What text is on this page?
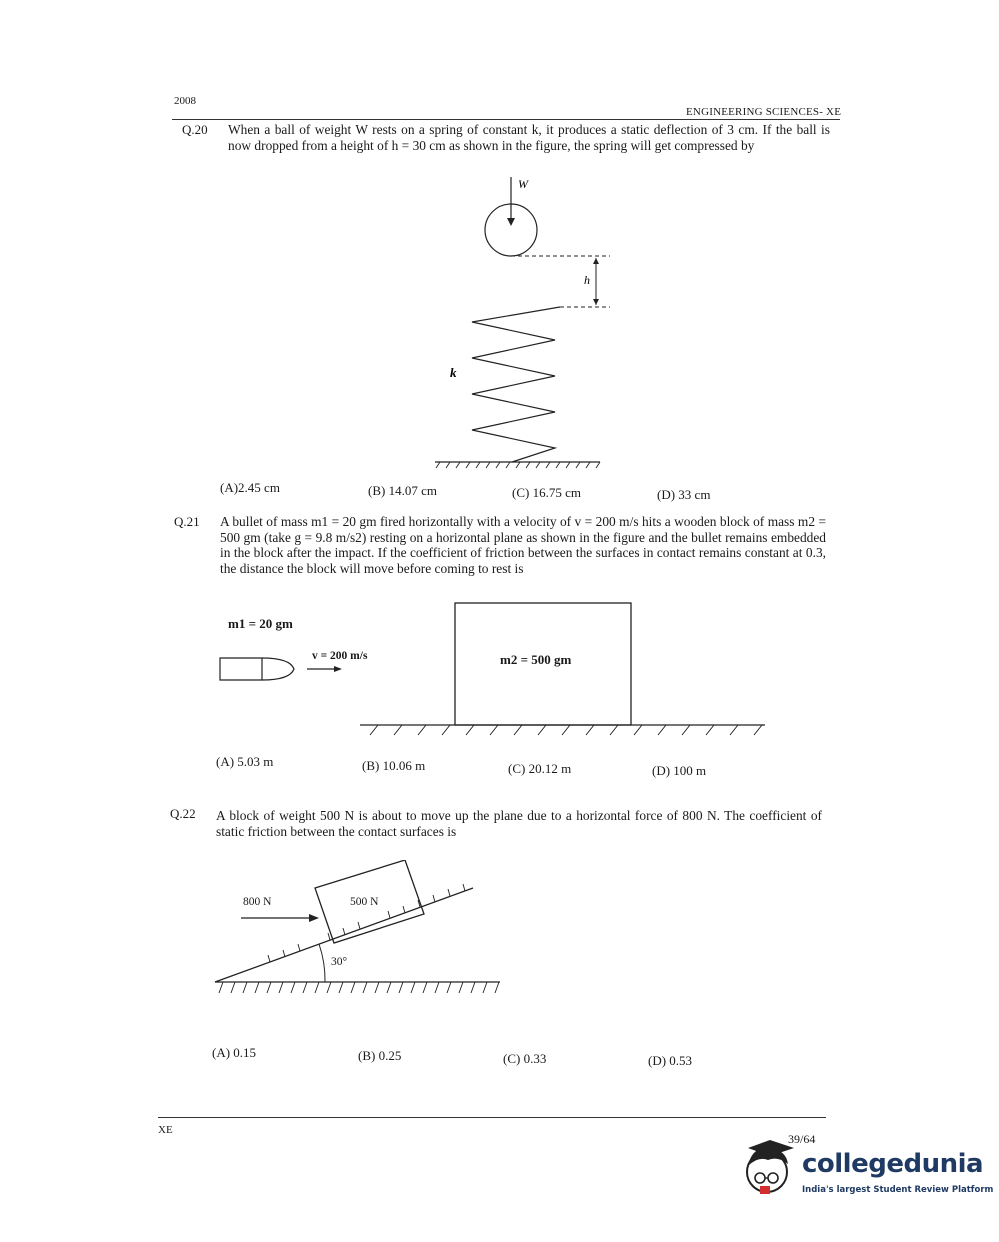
2008
ENGINEERING SCIENCES- XE
Q.20 When a ball of weight W rests on a spring of constant k, it produces a static deflection of 3 cm. If the ball is now dropped from a height of h = 30 cm as shown in the figure, the spring will get compressed by
W
h
k
(A)2.45 cm	(B) 14.07 cm	(C) 16.75 cm	(D) 33 cm
Q.21 A bullet of mass m1 = 20 gm fired horizontally with a velocity of v = 200 m/s hits a wooden block of mass m2 = 500 gm (take g = 9.8 m/s2) resting on a horizontal plane as shown in the figure and the bullet remains embedded in the block after the impact. If the coefficient of friction between the surfaces in contact remains constant at 0.3, the distance the block will move before coming to rest is
m1 = 20 gm
v = 200 m/s	m2 = 500 gm
(A) 5.03 m	(B) 10.06 m	(C) 20.12 m	(D) 100 m
Q.22 A block of weight 500 N is about to move up the plane due to a horizontal force of 800 N. The coefficient of static friction between the contact surfaces is
800 N	500 N
30°
(A) 0.15	(B) 0.25	(C) 0.33	(D) 0.53
XE
39/64
collegedunia
India's largest Student Review Platform
